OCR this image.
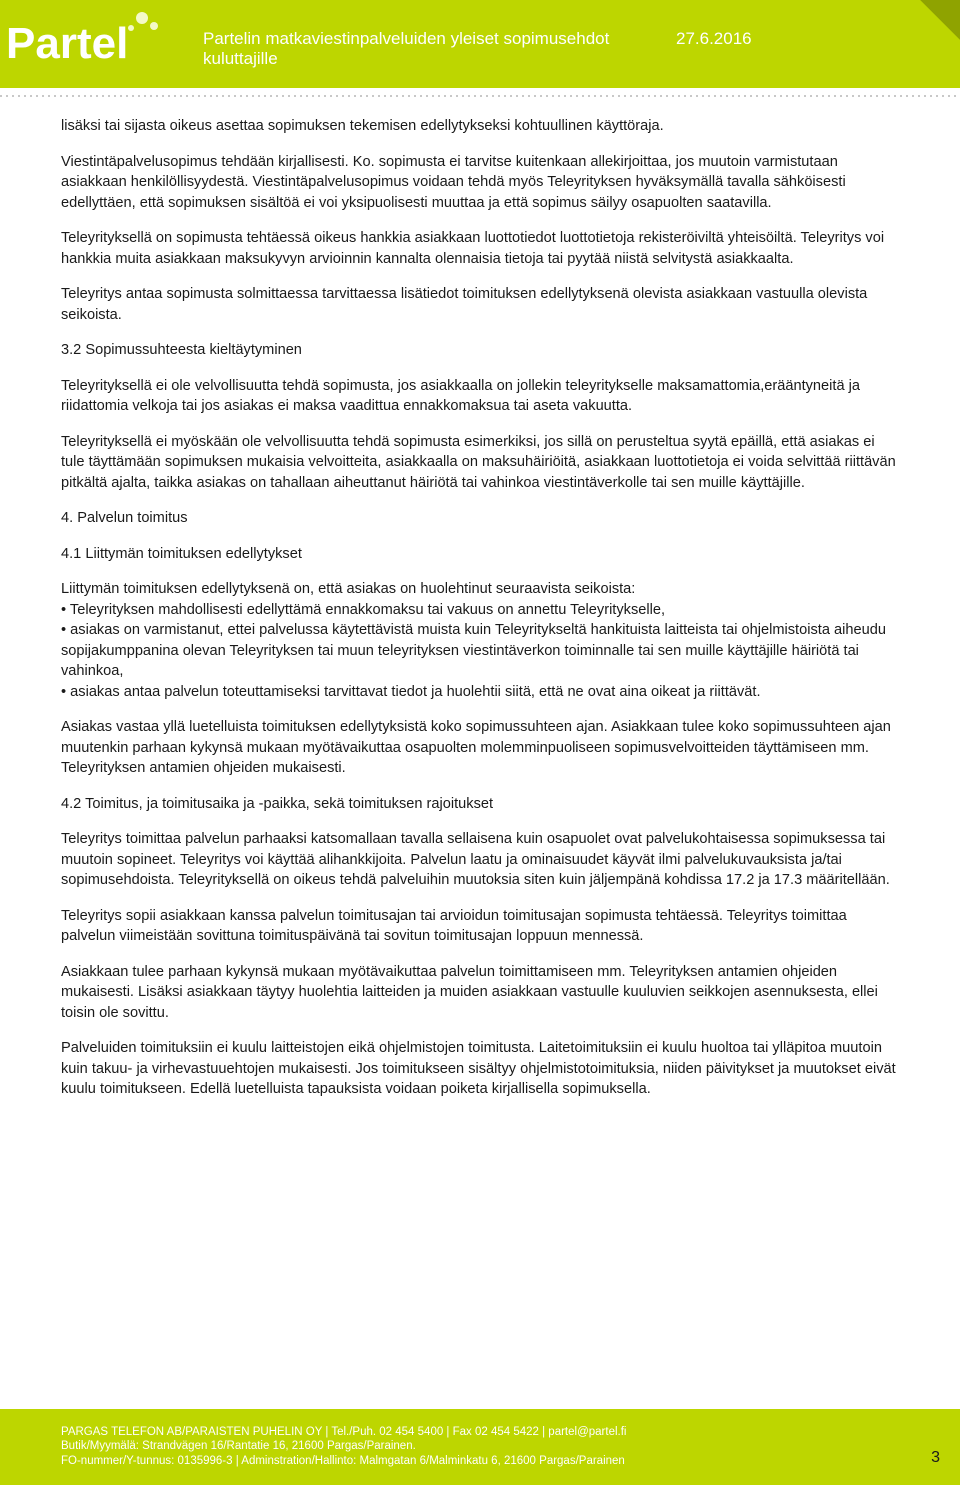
Partel	Partelin matkaviestinpalveluiden yleiset sopimusehdot kuluttajille
27.6.2016

lisäksi tai sijasta oikeus asettaa sopimuksen tekemisen edellytykseksi kohtuullinen käyttöraja.

Viestintäpalvelusopimus tehdään kirjallisesti. Ko. sopimusta ei tarvitse kuitenkaan allekirjoittaa, jos muutoin varmistutaan asiakkaan henkilöllisyydestä. Viestintäpalvelusopimus voidaan tehdä myös Teleyrityksen hyväksymällä tavalla sähköisesti edellyttäen, että sopimuksen sisältöä ei voi yksipuolisesti muuttaa ja että sopimus säilyy osapuolten saatavilla.

Teleyrityksellä on sopimusta tehtäessä oikeus hankkia asiakkaan luottotiedot luottotietoja rekisteröiviltä yhteisöiltä. Teleyritys voi hankkia muita asiakkaan maksukyvyn arvioinnin kannalta olennaisia tietoja tai pyytää niistä selvitystä asiakkaalta.

Teleyritys antaa sopimusta solmittaessa tarvittaessa lisätiedot toimituksen edellytyksenä olevista asiakkaan vastuulla olevista seikoista.

3.2 Sopimussuhteesta kieltäytyminen

Teleyrityksellä ei ole velvollisuutta tehdä sopimusta, jos asiakkaalla on jollekin teleyritykselle maksamattomia,erääntyneitä ja riidattomia velkoja tai jos asiakas ei maksa vaadittua ennakkomaksua tai aseta vakuutta.

Teleyrityksellä ei myöskään ole velvollisuutta tehdä sopimusta esimerkiksi, jos sillä on perusteltua syytä epäillä, että asiakas ei tule täyttämään sopimuksen mukaisia velvoitteita, asiakkaalla on maksuhäiriöitä, asiakkaan luottotietoja ei voida selvittää riittävän pitkältä ajalta, taikka asiakas on tahallaan aiheuttanut häiriötä tai vahinkoa viestintäverkolle tai sen muille käyttäjille.

4. Palvelun toimitus

4.1 Liittymän toimituksen edellytykset

Liittymän toimituksen edellytyksenä on, että asiakas on huolehtinut seuraavista seikoista:
• Teleyrityksen mahdollisesti edellyttämä ennakkomaksu tai vakuus on annettu Teleyritykselle,
• asiakas on varmistanut, ettei palvelussa käytettävistä muista kuin Teleyritykseltä hankituista laitteista tai ohjelmistoista aiheudu sopijakumppanina olevan Teleyrityksen tai muun teleyrityksen viestintäverkon toiminnalle tai sen muille käyttäjille häiriötä tai vahinkoa,
• asiakas antaa palvelun toteuttamiseksi tarvittavat tiedot ja huolehtii siitä, että ne ovat aina oikeat ja riittävät.

Asiakas vastaa yllä luetelluista toimituksen edellytyksistä koko sopimussuhteen ajan. Asiakkaan tulee koko sopimussuhteen ajan muutenkin parhaan kykynsä mukaan myötävaikuttaa osapuolten molemminpuoliseen sopimusvelvoitteiden täyttämiseen mm. Teleyrityksen antamien ohjeiden mukaisesti.

4.2 Toimitus, ja toimitusaika ja -paikka, sekä toimituksen rajoitukset

Teleyritys toimittaa palvelun parhaaksi katsomallaan tavalla sellaisena kuin osapuolet ovat palvelukohtaisessa sopimuksessa tai muutoin sopineet. Teleyritys voi käyttää alihankkijoita. Palvelun laatu ja ominaisuudet käyvät ilmi palvelukuvauksista ja/tai sopimusehdoista. Teleyrityksellä on oikeus tehdä palveluihin muutoksia siten kuin jäljempänä kohdissa 17.2 ja 17.3 määritellään.

Teleyritys sopii asiakkaan kanssa palvelun toimitusajan tai arvioidun toimitusajan sopimusta tehtäessä. Teleyritys toimittaa palvelun viimeistään sovittuna toimituspäivänä tai sovitun toimitusajan loppuun mennessä.

Asiakkaan tulee parhaan kykynsä mukaan myötävaikuttaa palvelun toimittamiseen mm. Teleyrityksen antamien ohjeiden mukaisesti. Lisäksi asiakkaan täytyy huolehtia laitteiden ja muiden asiakkaan vastuulle kuuluvien seikkojen asennuksesta, ellei toisin ole sovittu.

Palveluiden toimituksiin ei kuulu laitteistojen eikä ohjelmistojen toimitusta. Laitetoimituksiin ei kuulu huoltoa tai ylläpitoa muutoin kuin takuu- ja virhevastuuehtojen mukaisesti. Jos toimitukseen sisältyy ohjelmistotoimituksia, niiden päivitykset ja muutokset eivät kuulu toimitukseen. Edellä luetelluista tapauksista voidaan poiketa kirjallisella sopimuksella.

PARGAS TELEFON AB/PARAISTEN PUHELIN OY | Tel./Puh. 02 454 5400 | Fax 02 454 5422 | partel@partel.fi
Butik/Myymälä: Strandvägen 16/Rantatie 16, 21600 Pargas/Parainen.
FO-nummer/Y-tunnus: 0135996-3 | Adminstration/Hallinto: Malmgatan 6/Malminkatu 6, 21600 Pargas/Parainen	3
